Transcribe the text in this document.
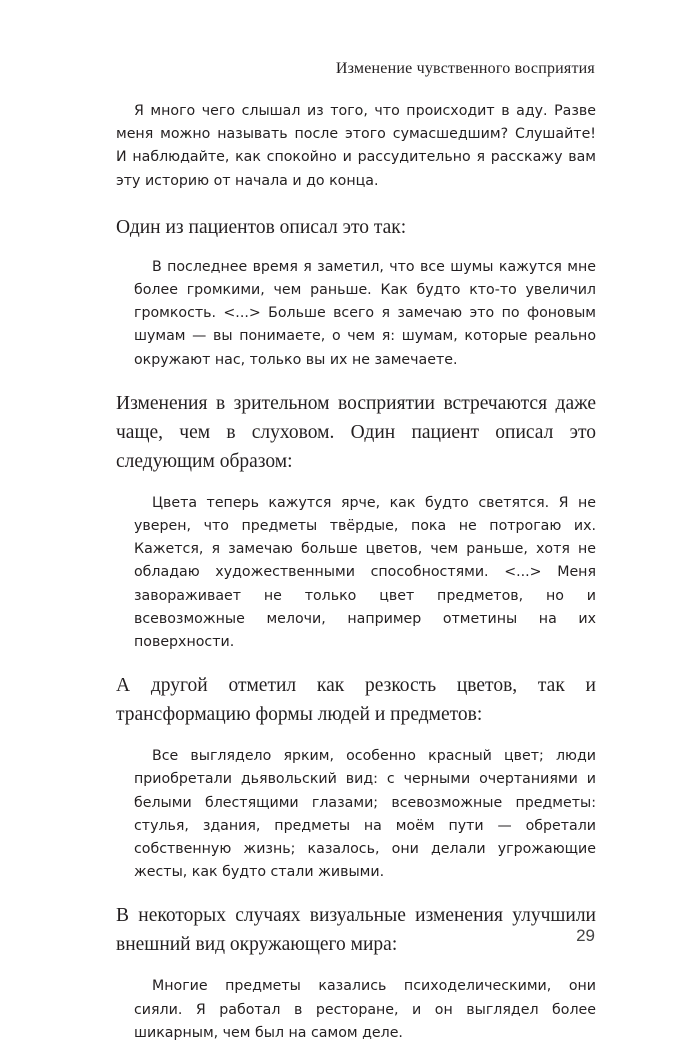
Изменение чувственного восприятия

Я много чего слышал из того, что происходит в аду. Разве меня можно называть после этого сумасшедшим? Слушайте! И наблюдайте, как спокойно и рассудительно я расскажу вам эту историю от начала и до конца.

Один из пациентов описал это так:

В последнее время я заметил, что все шумы кажутся мне более громкими, чем раньше. Как будто кто-то увеличил громкость. <...> Больше всего я замечаю это по фоновым шумам — вы понимаете, о чем я: шумам, которые реально окружают нас, только вы их не замечаете.

Изменения в зрительном восприятии встречаются даже чаще, чем в слуховом. Один пациент описал это следующим образом:

Цвета теперь кажутся ярче, как будто светятся. Я не уверен, что предметы твёрдые, пока не потрогаю их. Кажется, я замечаю больше цветов, чем раньше, хотя не обладаю художественными способностями. <...> Меня завораживает не только цвет предметов, но и всевозможные мелочи, например отметины на их поверхности.

А другой отметил как резкость цветов, так и трансформацию формы людей и предметов:

Все выглядело ярким, особенно красный цвет; люди приобретали дьявольский вид: с черными очертаниями и белыми блестящими глазами; всевозможные предметы: стулья, здания, предметы на моём пути — обретали собственную жизнь; казалось, они делали угрожающие жесты, как будто стали живыми.

В некоторых случаях визуальные изменения улучшили внешний вид окружающего мира:

Многие предметы казались психоделическими, они сияли. Я работал в ресторане, и он выглядел более шикарным, чем был на самом деле.

29
